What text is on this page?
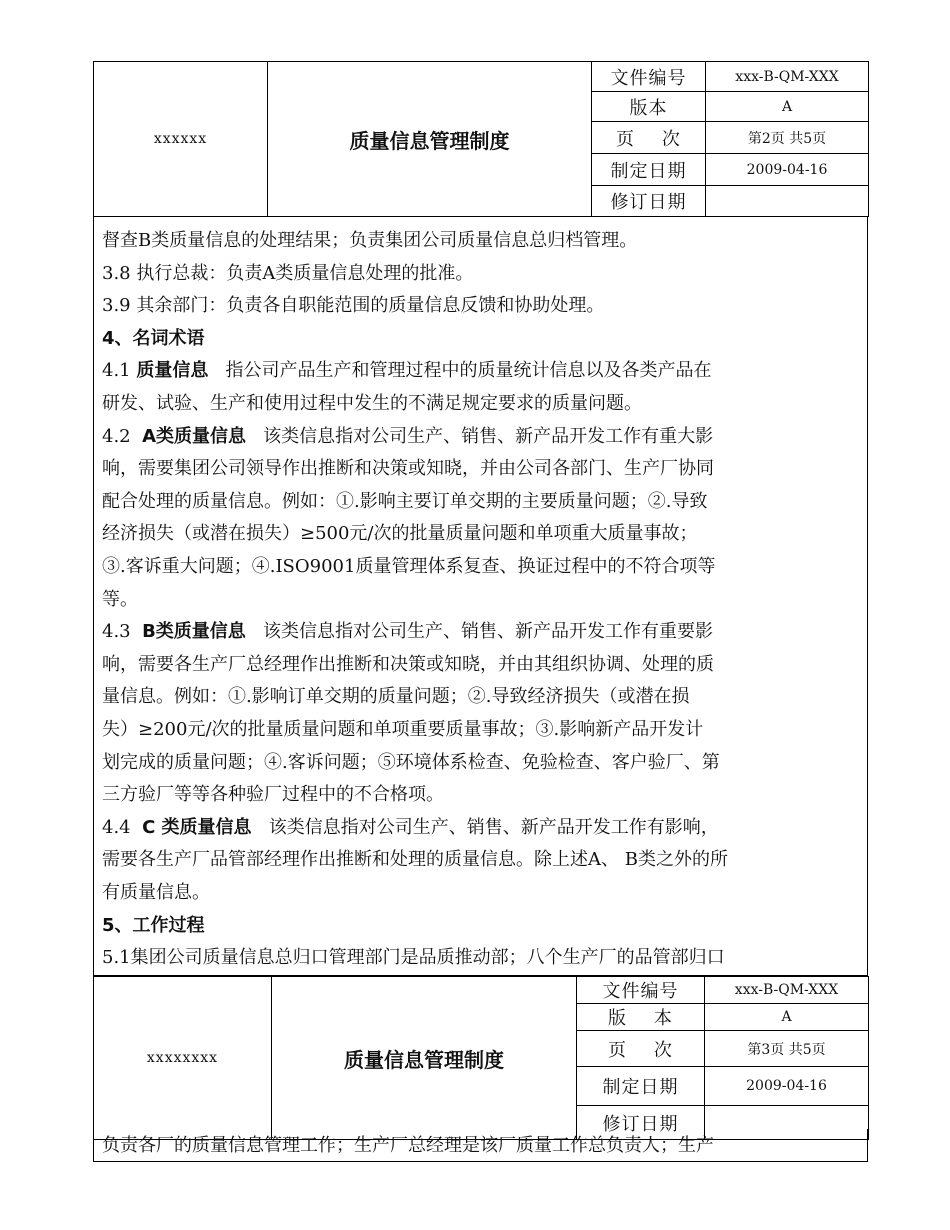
xxxxxx	质量信息管理制度	文件编号	xxx-B-QM-XXX
		版本	A
		页    次	第2页 共5页
		制定日期	2009-04-16
		修订日期	
督查B类质量信息的处理结果；负责集团公司质量信息总归档管理。
3.8 执行总裁：负责A类质量信息处理的批准。
3.9 其余部门：负责各自职能范围的质量信息反馈和协助处理。
4、名词术语
4.1 质量信息   指公司产品生产和管理过程中的质量统计信息以及各类产品在
研发、试验、生产和使用过程中发生的不满足规定要求的质量问题。
4.2  A类质量信息   该类信息指对公司生产、销售、新产品开发工作有重大影
响，需要集团公司领导作出推断和决策或知晓，并由公司各部门、生产厂协同
配合处理的质量信息。例如：①.影响主要订单交期的主要质量问题；②.导致
经济损失（或潜在损失）≥500元/次的批量质量问题和单项重大质量事故；
③.客诉重大问题；④.ISO9001质量管理体系复查、换证过程中的不符合项等
等。
4.3  B类质量信息   该类信息指对公司生产、销售、新产品开发工作有重要影
响，需要各生产厂总经理作出推断和决策或知晓，并由其组织协调、处理的质
量信息。例如：①.影响订单交期的质量问题；②.导致经济损失（或潜在损
失）≥200元/次的批量质量问题和单项重要质量事故；③.影响新产品开发计
划完成的质量问题；④.客诉问题；⑤环境体系检查、免验检查、客户验厂、第
三方验厂等等各种验厂过程中的不合格项。
4.4  C 类质量信息   该类信息指对公司生产、销售、新产品开发工作有影响，
需要各生产厂品管部经理作出推断和处理的质量信息。除上述A、 B类之外的所
有质量信息。
5、工作过程
5.1集团公司质量信息总归口管理部门是品质推动部；八个生产厂的品管部归口
xxxxxxxx	质量信息管理制度	文件编号	xxx-B-QM-XXX
		版    本	A
		页    次	第3页 共5页
		制定日期	2009-04-16
		修订日期	
负责各厂的质量信息管理工作；生产厂总经理是该厂质量工作总负责人；生产
